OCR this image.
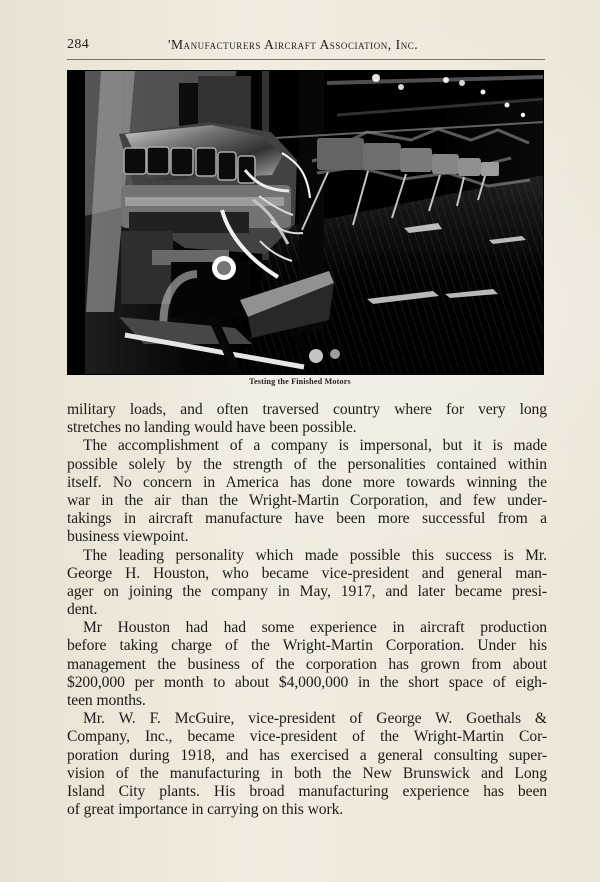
284	'Manufacturers Aircraft Association, Inc.
Testing the Finished Motors
military loads, and often traversed country where for very long
stretches no landing would have been possible.
The accomplishment of a company is impersonal, but it is made
possible solely by the strength of the personalities contained within
itself. No concern in America has done more towards winning the
war in the air than the Wright-Martin Corporation, and few under-
takings in aircraft manufacture have been more successful from a
business viewpoint.
The leading personality which made possible this success is Mr.
George H. Houston, who became vice-president and general man-
ager on joining the company in May, 1917, and later became presi-
dent.
Mr Houston had had some experience in aircraft production
before taking charge of the Wright-Martin Corporation. Under his
management the business of the corporation has grown from about
$200,000 per month to about $4,000,000 in the short space of eigh-
teen months.
Mr. W. F. McGuire, vice-president of George W. Goethals &
Company, Inc., became vice-president of the Wright-Martin Cor-
poration during 1918, and has exercised a general consulting super-
vision of the manufacturing in both the New Brunswick and Long
Island City plants. His broad manufacturing experience has been
of great importance in carrying on this work.
